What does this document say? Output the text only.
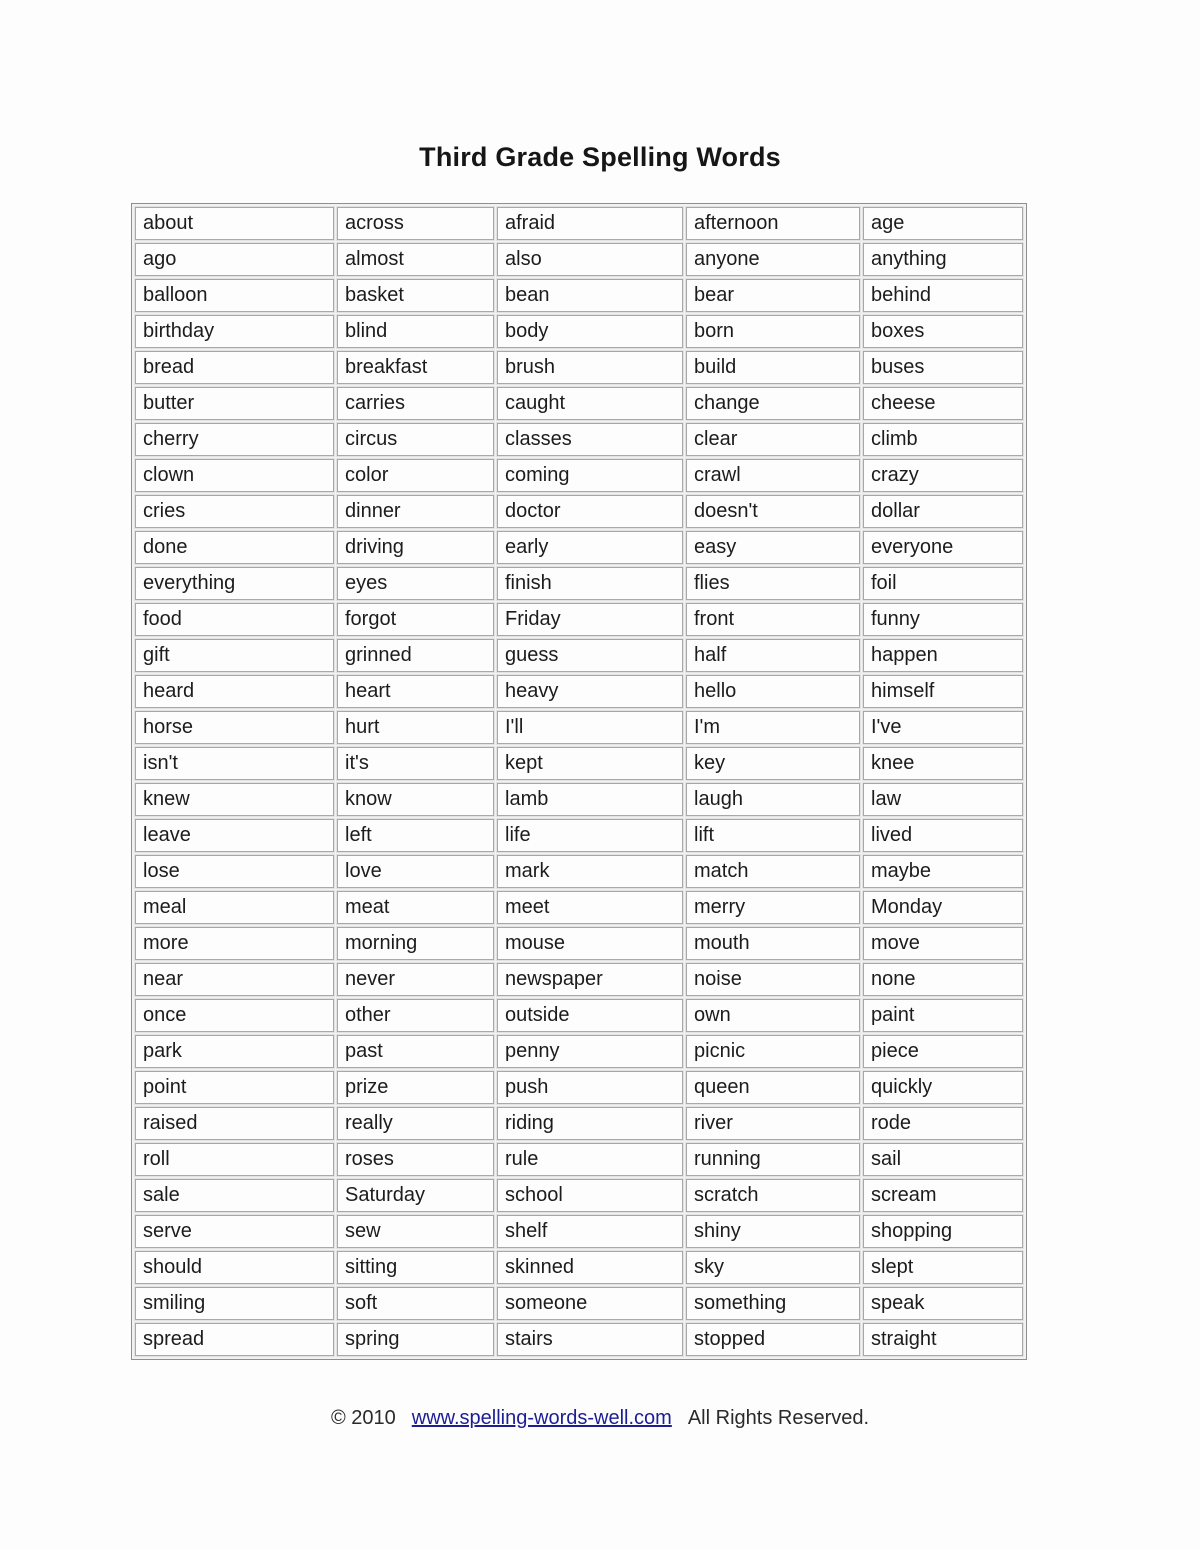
Third Grade Spelling Words
about	across	afraid	afternoon	age
ago	almost	also	anyone	anything
balloon	basket	bean	bear	behind
birthday	blind	body	born	boxes
bread	breakfast	brush	build	buses
butter	carries	caught	change	cheese
cherry	circus	classes	clear	climb
clown	color	coming	crawl	crazy
cries	dinner	doctor	doesn't	dollar
done	driving	early	easy	everyone
everything	eyes	finish	flies	foil
food	forgot	Friday	front	funny
gift	grinned	guess	half	happen
heard	heart	heavy	hello	himself
horse	hurt	I'll	I'm	I've
isn't	it's	kept	key	knee
knew	know	lamb	laugh	law
leave	left	life	lift	lived
lose	love	mark	match	maybe
meal	meat	meet	merry	Monday
more	morning	mouse	mouth	move
near	never	newspaper	noise	none
once	other	outside	own	paint
park	past	penny	picnic	piece
point	prize	push	queen	quickly
raised	really	riding	river	rode
roll	roses	rule	running	sail
sale	Saturday	school	scratch	scream
serve	sew	shelf	shiny	shopping
should	sitting	skinned	sky	slept
smiling	soft	someone	something	speak
spread	spring	stairs	stopped	straight
© 2010 www.spelling-words-well.com All Rights Reserved.
